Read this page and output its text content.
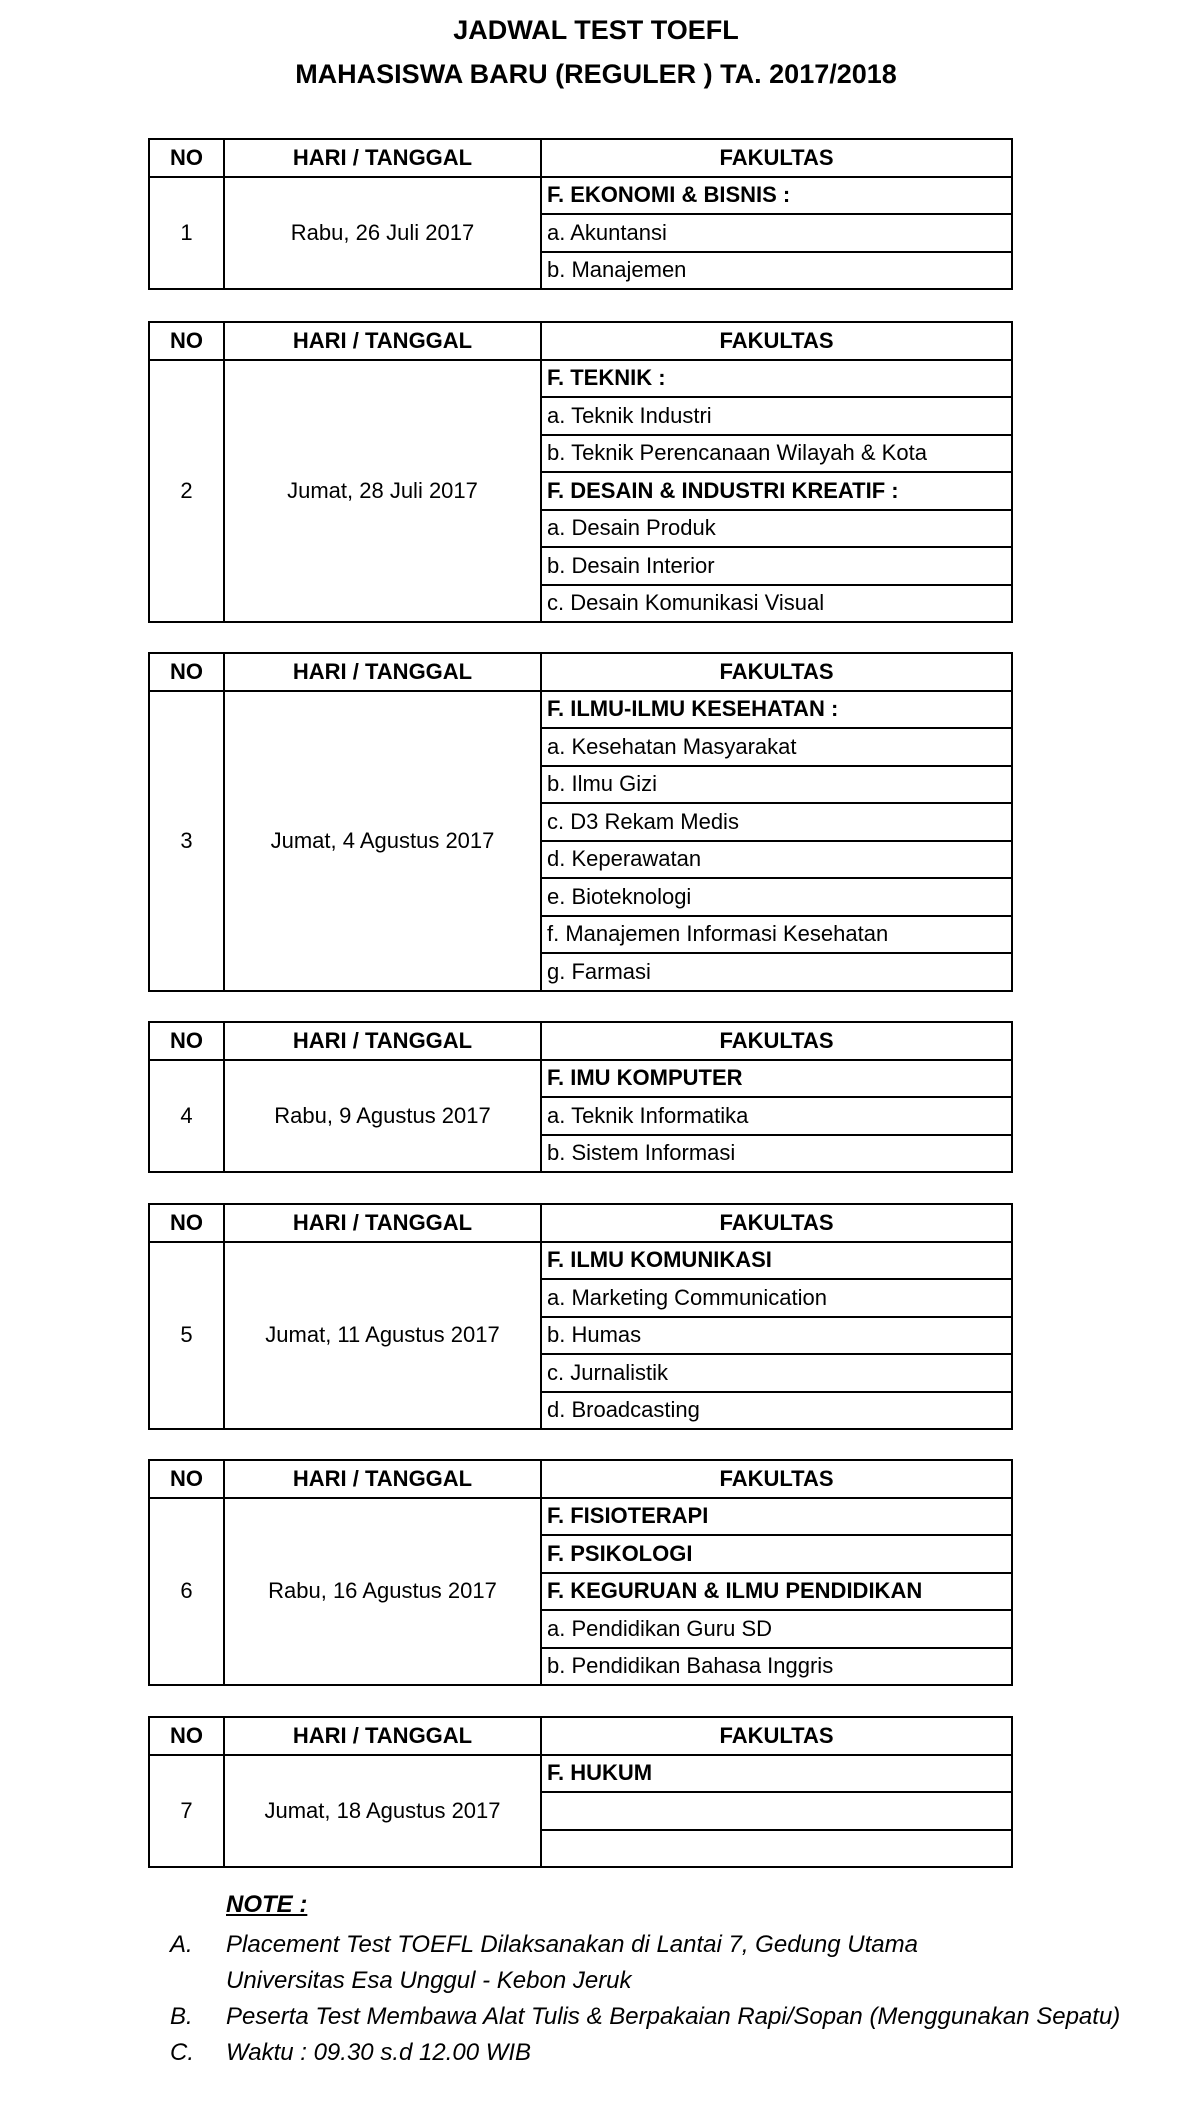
JADWAL TEST TOEFL
MAHASISWA BARU (REGULER ) TA. 2017/2018
NO	HARI / TANGGAL	FAKULTAS
1	Rabu, 26 Juli 2017	F. EKONOMI & BISNIS :
		a. Akuntansi
		b. Manajemen
NO	HARI / TANGGAL	FAKULTAS
2	Jumat, 28 Juli 2017	F. TEKNIK :
		a. Teknik Industri
		b. Teknik Perencanaan Wilayah & Kota
		F. DESAIN & INDUSTRI KREATIF :
		a. Desain Produk
		b. Desain Interior
		c. Desain Komunikasi Visual
NO	HARI / TANGGAL	FAKULTAS
3	Jumat, 4 Agustus 2017	F. ILMU-ILMU KESEHATAN :
		a. Kesehatan Masyarakat
		b. Ilmu Gizi
		c. D3 Rekam Medis
		d. Keperawatan
		e. Bioteknologi
		f. Manajemen Informasi Kesehatan
		g. Farmasi
NO	HARI / TANGGAL	FAKULTAS
4	Rabu, 9 Agustus 2017	F. IMU KOMPUTER
		a. Teknik Informatika
		b. Sistem Informasi
NO	HARI / TANGGAL	FAKULTAS
5	Jumat, 11 Agustus 2017	F. ILMU KOMUNIKASI
		a. Marketing Communication
		b. Humas
		c. Jurnalistik
		d. Broadcasting
NO	HARI / TANGGAL	FAKULTAS
6	Rabu, 16 Agustus 2017	F. FISIOTERAPI
		F. PSIKOLOGI
		F. KEGURUAN & ILMU PENDIDIKAN
		a. Pendidikan Guru SD
		b. Pendidikan Bahasa Inggris
NO	HARI / TANGGAL	FAKULTAS
7	Jumat, 18 Agustus 2017	F. HUKUM

NOTE :
A. Placement Test TOEFL Dilaksanakan di Lantai 7, Gedung Utama
Universitas Esa Unggul - Kebon Jeruk
B. Peserta Test Membawa Alat Tulis & Berpakaian Rapi/Sopan (Menggunakan Sepatu)
C. Waktu : 09.30 s.d 12.00 WIB
